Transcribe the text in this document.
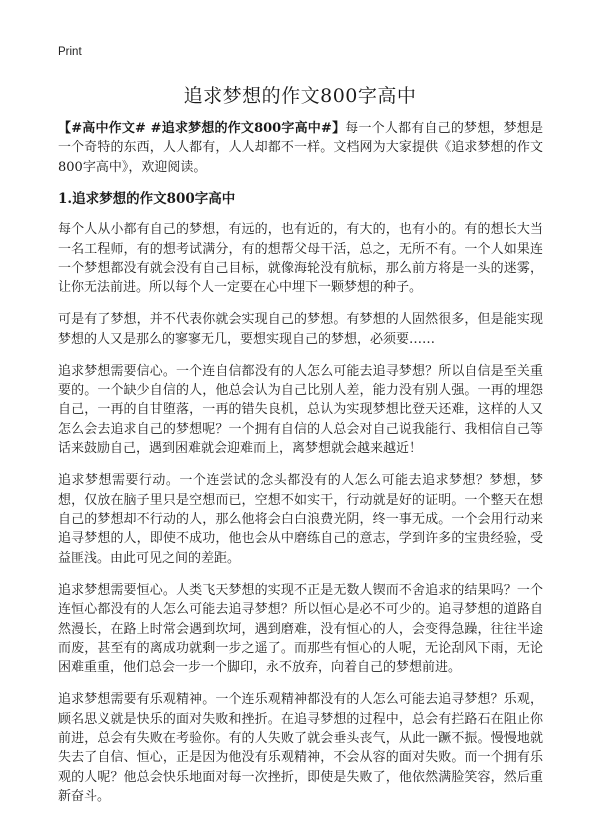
Print
追求梦想的作文800字高中

【#高中作文# #追求梦想的作文800字高中#】每一个人都有自己的梦想，梦想是一个奇特的东西，人人都有，人人却都不一样。文档网为大家提供《追求梦想的作文800字高中》，欢迎阅读。

1.追求梦想的作文800字高中

每个人从小都有自己的梦想，有远的，也有近的，有大的，也有小的。有的想长大当一名工程师，有的想考试满分，有的想帮父母干活，总之，无所不有。一个人如果连一个梦想都没有就会没有自己目标，就像海轮没有航标，那么前方将是一头的迷雾，让你无法前进。所以每个人一定要在心中埋下一颗梦想的种子。

可是有了梦想，并不代表你就会实现自己的梦想。有梦想的人固然很多，但是能实现梦想的人又是那么的寥寥无几，要想实现自己的梦想，必须要……

追求梦想需要信心。一个连自信都没有的人怎么可能去追寻梦想？所以自信是至关重要的。一个缺少自信的人，他总会认为自己比别人差，能力没有别人强。一再的埋怨自己，一再的自甘堕落，一再的错失良机，总认为实现梦想比登天还难，这样的人又怎么会去追求自己的梦想呢？一个拥有自信的人总会对自己说我能行、我相信自己等话来鼓励自己，遇到困难就会迎难而上，离梦想就会越来越近！

追求梦想需要行动。一个连尝试的念头都没有的人怎么可能去追求梦想？梦想，梦想，仅放在脑子里只是空想而已，空想不如实干，行动就是好的证明。一个整天在想自己的梦想却不行动的人，那么他将会白白浪费光阴，终一事无成。一个会用行动来追寻梦想的人，即使不成功，他也会从中磨练自己的意志，学到许多的宝贵经验，受益匪浅。由此可见之间的差距。

追求梦想需要恒心。人类飞天梦想的实现不正是无数人锲而不舍追求的结果吗？一个连恒心都没有的人怎么可能去追寻梦想？所以恒心是必不可少的。追寻梦想的道路自然漫长，在路上时常会遇到坎坷，遇到磨难，没有恒心的人，会变得急躁，往往半途而废，甚至有的离成功就剩一步之遥了。而那些有恒心的人呢，无论刮风下雨，无论困难重重，他们总会一步一个脚印，永不放弃，向着自己的梦想前进。

追求梦想需要有乐观精神。一个连乐观精神都没有的人怎么可能去追寻梦想？乐观，顾名思义就是快乐的面对失败和挫折。在追寻梦想的过程中，总会有拦路石在阻止你前进，总会有失败在考验你。有的人失败了就会垂头丧气，从此一蹶不振。慢慢地就失去了自信、恒心，正是因为他没有乐观精神，不会从容的面对失败。而一个拥有乐观的人呢？他总会快乐地面对每一次挫折，即使是失败了，他依然满脸笑容，然后重新奋斗。
